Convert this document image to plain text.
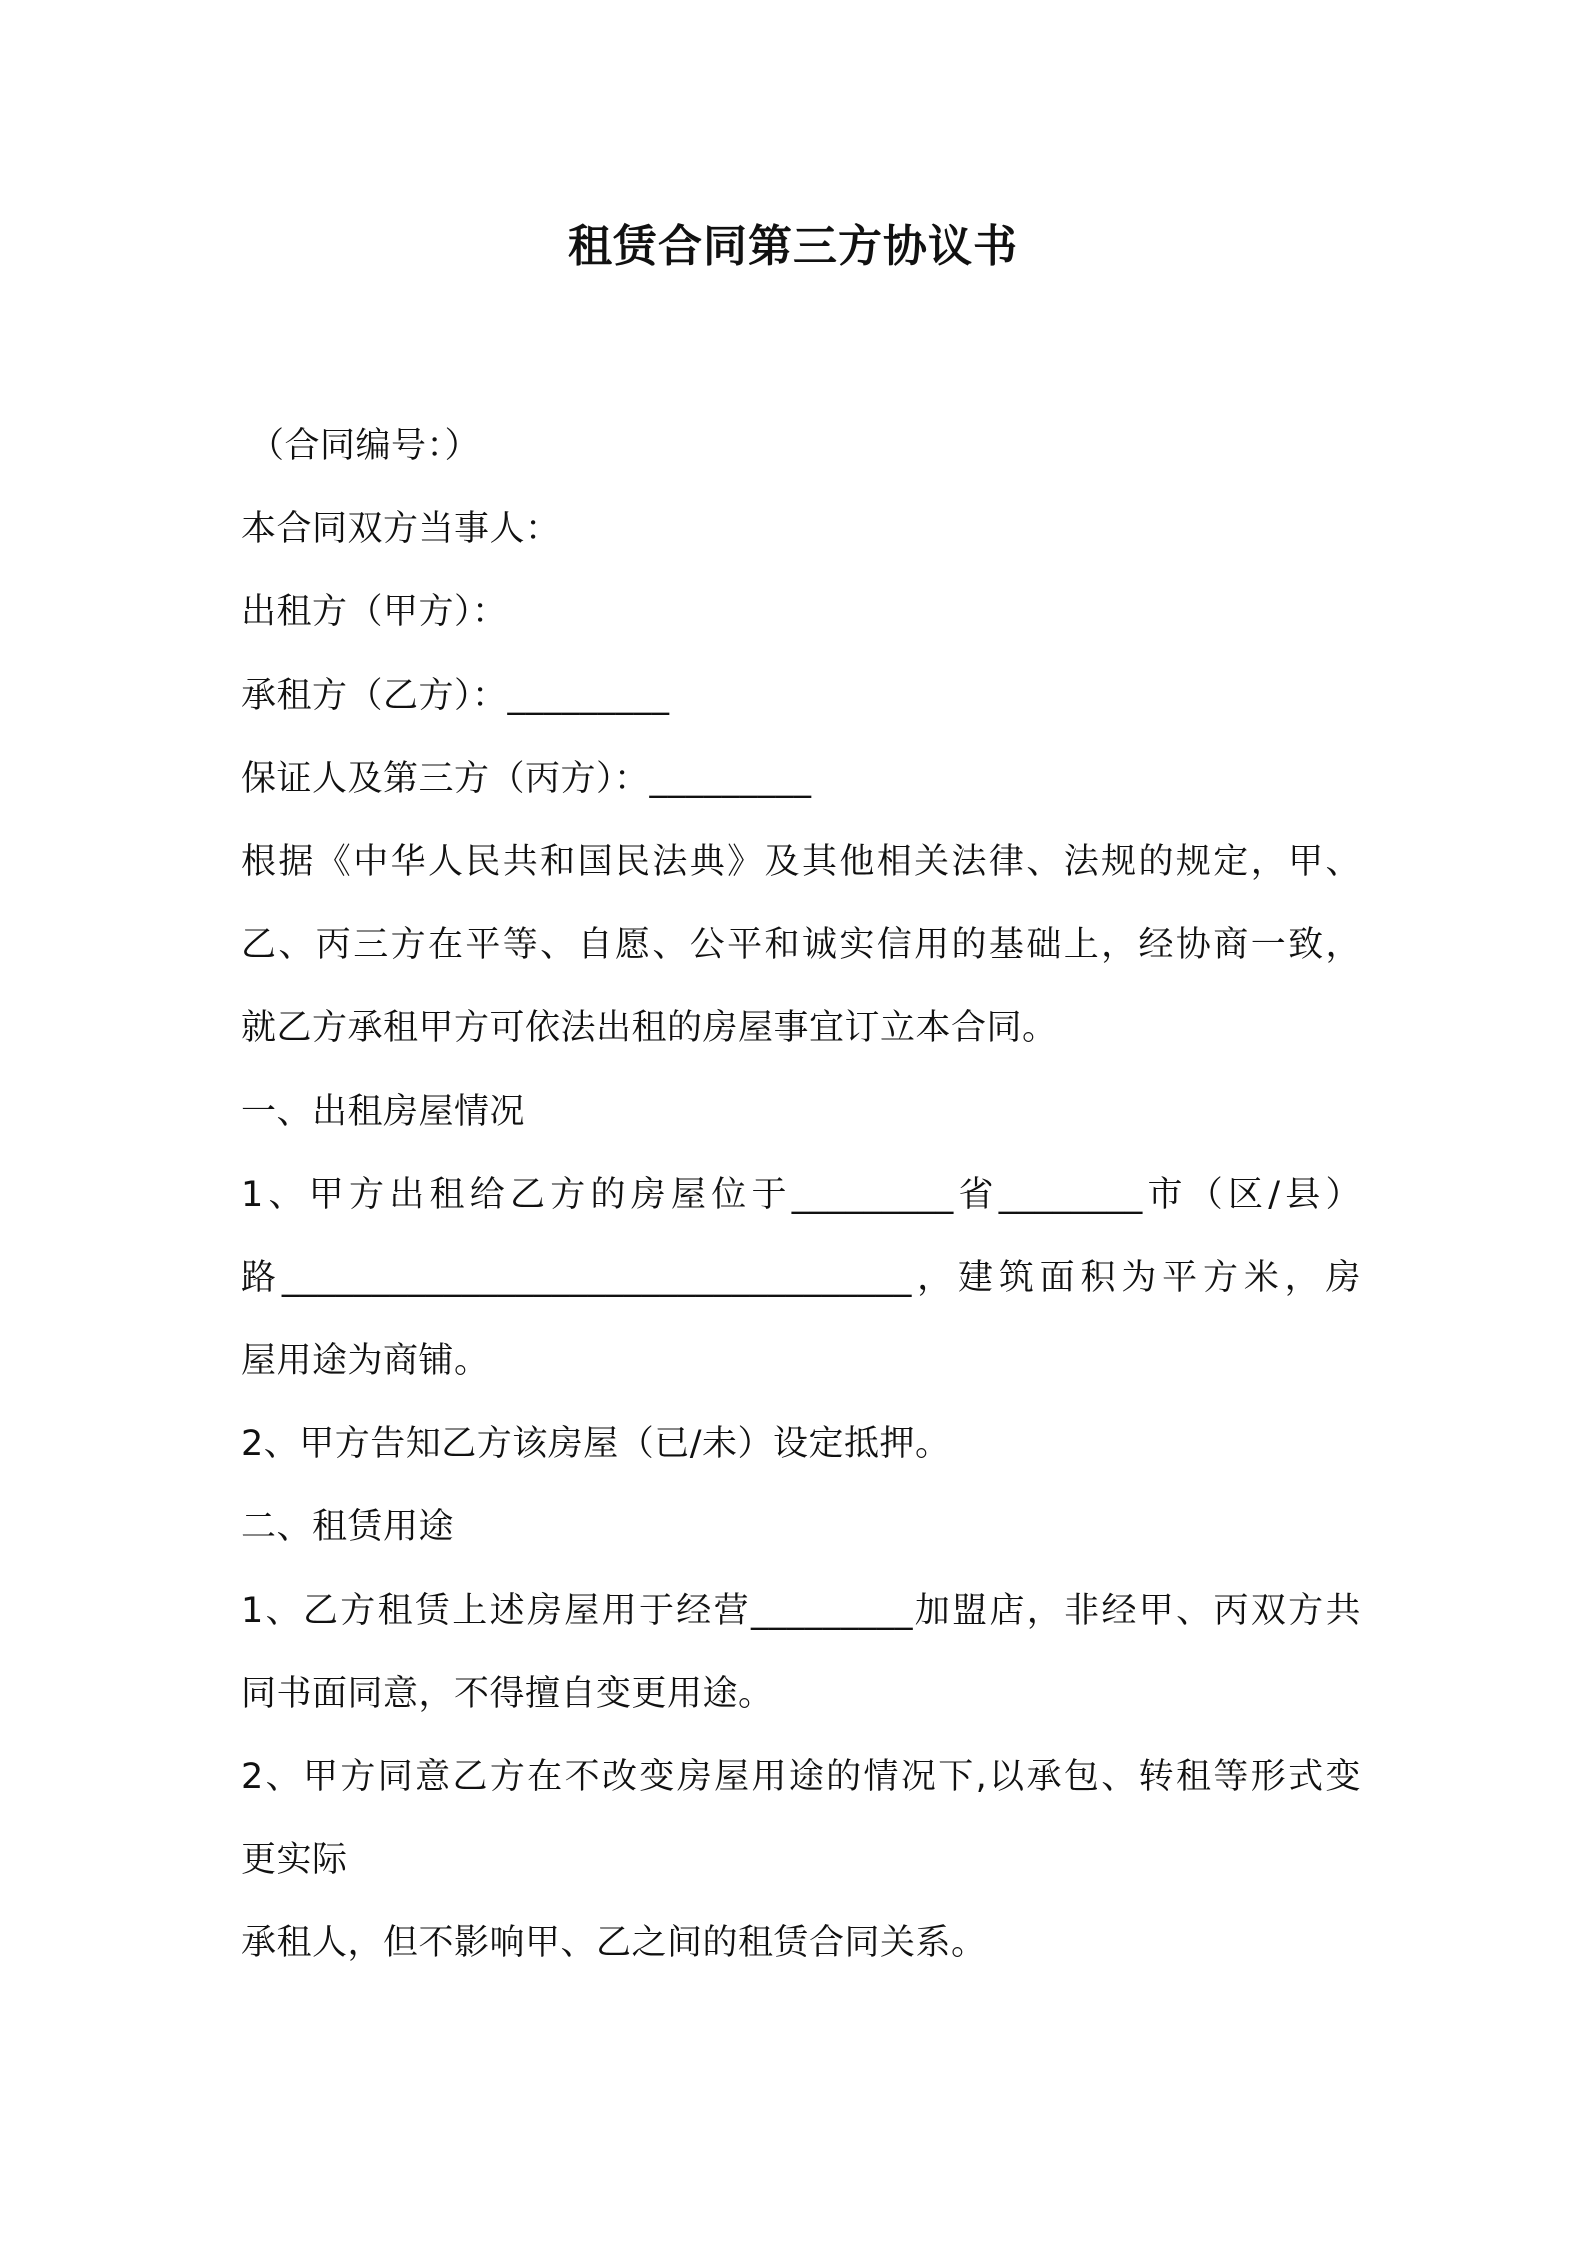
租赁合同第三方协议书
（合同编号：）
本合同双方当事人：
出租方（甲方）：
承租方（乙方）：_________
保证人及第三方（丙方）：_________
根据《中华人民共和国民法典》及其他相关法律、法规的规定，甲、
乙、丙三方在平等、自愿、公平和诚实信用的基础上，经协商一致，
就乙方承租甲方可依法出租的房屋事宜订立本合同。
一、出租房屋情况
1、甲方出租给乙方的房屋位于_________省________市（区/县）
路___________________________________，建筑面积为平方米，房
屋用途为商铺。
2、甲方告知乙方该房屋（已/未）设定抵押。
二、租赁用途
1、乙方租赁上述房屋用于经营_________加盟店，非经甲、丙双方共
同书面同意，不得擅自变更用途。
2、甲方同意乙方在不改变房屋用途的情况下,以承包、转租等形式变
更实际
承租人，但不影响甲、乙之间的租赁合同关系。
